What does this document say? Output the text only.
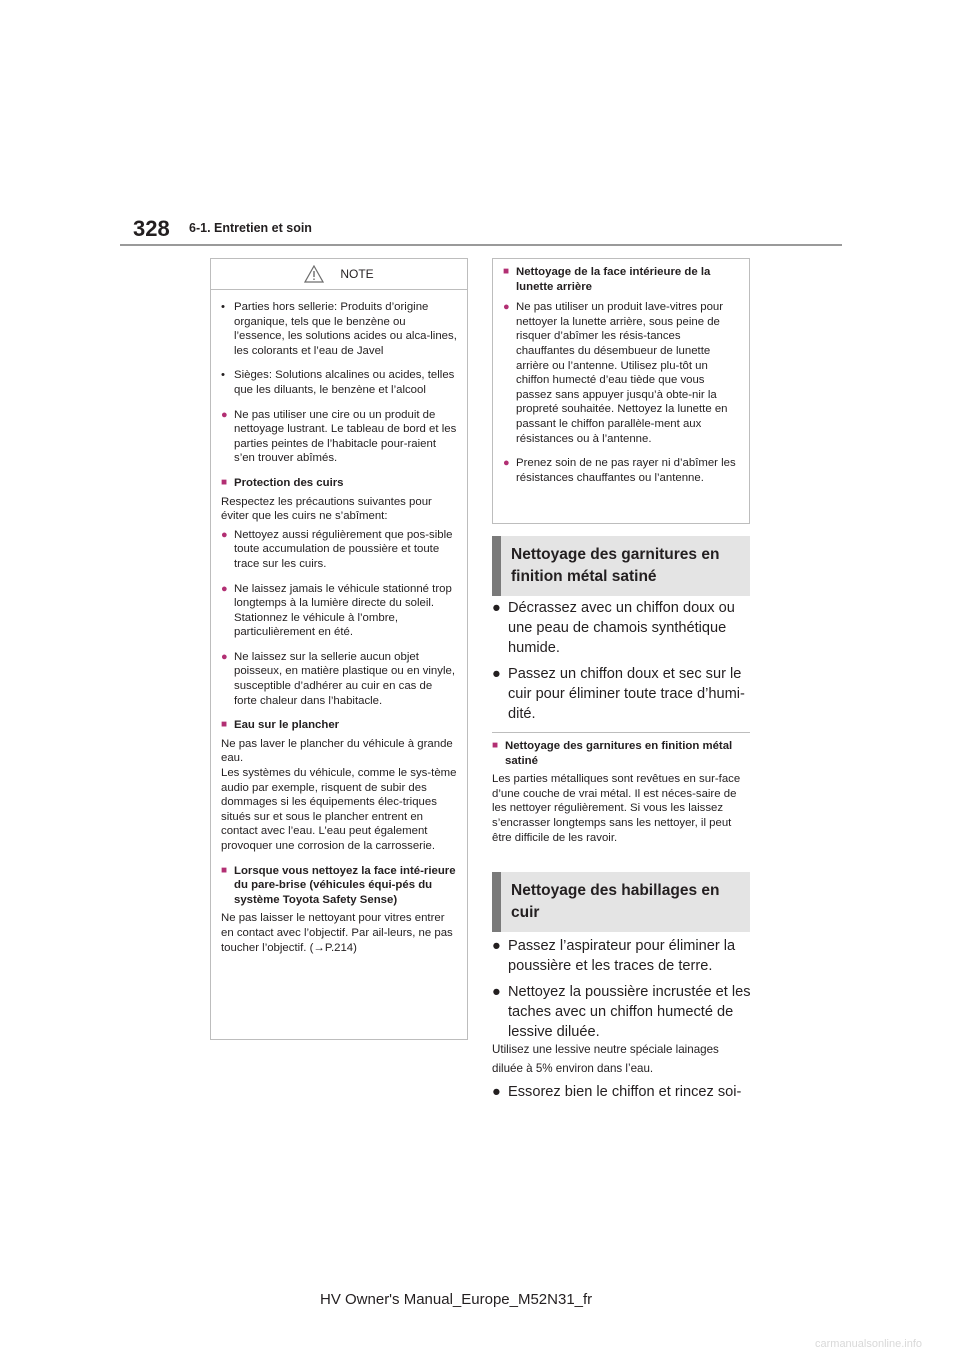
328 6-1. Entretien et soin
NOTE
• Parties hors sellerie: Produits d’origine organique, tels que le benzène ou l’essence, les solutions acides ou alca-lines, les colorants et l’eau de Javel
• Sièges: Solutions alcalines ou acides, telles que les diluants, le benzène et l’alcool
● Ne pas utiliser une cire ou un produit de nettoyage lustrant. Le tableau de bord et les parties peintes de l’habitacle pour-raient s’en trouver abîmés.
■ Protection des cuirs
Respectez les précautions suivantes pour éviter que les cuirs ne s’abîment:
● Nettoyez aussi régulièrement que pos-sible toute accumulation de poussière et toute trace sur les cuirs.
● Ne laissez jamais le véhicule stationné trop longtemps à la lumière directe du soleil. Stationnez le véhicule à l’ombre, particulièrement en été.
● Ne laissez sur la sellerie aucun objet poisseux, en matière plastique ou en vinyle, susceptible d’adhérer au cuir en cas de forte chaleur dans l’habitacle.
■ Eau sur le plancher

Ne pas laver le plancher du véhicule à grande eau.

Les systèmes du véhicule, comme le sys-tème audio par exemple, risquent de subir des dommages si les équipements élec-triques situés sur et sous le plancher entrent en contact avec l’eau. L’eau peut également provoquer une corrosion de la carrosserie.

■ Lorsque vous nettoyez la face inté-rieure du pare-brise (véhicules équi-pés du système Toyota Safety Sense)
Ne pas laisser le nettoyant pour vitres entrer en contact avec l’objectif. Par ail-leurs, ne pas toucher l’objectif. (→P.214)
■ Nettoyage de la face intérieure de la lunette arrière
● Ne pas utiliser un produit lave-vitres pour nettoyer la lunette arrière, sous peine de risquer d’abîmer les résis-tances chauffantes du désembueur de lunette arrière ou l’antenne. Utilisez plu-tôt un chiffon humecté d’eau tiède que vous passez sans appuyer jusqu’à obte-nir la propreté souhaitée. Nettoyez la lunette en passant le chiffon parallèle-ment aux résistances ou à l’antenne.
● Prenez soin de ne pas rayer ni d’abîmer les résistances chauffantes ou l’antenne.
Nettoyage des garnitures en finition métal satiné
● Décrassez avec un chiffon doux ou une peau de chamois synthétique humide.
● Passez un chiffon doux et sec sur le cuir pour éliminer toute trace d’humi-dité.
■ Nettoyage des garnitures en finition métal satiné
Les parties métalliques sont revêtues en sur-face d’une couche de vrai métal. Il est néces-saire de les nettoyer régulièrement. Si vous les laissez s’encrasser longtemps sans les nettoyer, il peut être difficile de les ravoir.
Nettoyage des habillages en cuir
● Passez l’aspirateur pour éliminer la poussière et les traces de terre.
● Nettoyez la poussière incrustée et les taches avec un chiffon humecté de lessive diluée.
Utilisez une lessive neutre spéciale lainages diluée à 5% environ dans l’eau.
● Essorez bien le chiffon et rincez soi-
HV Owner's Manual_Europe_M52N31_fr
carmanualsonline.info
